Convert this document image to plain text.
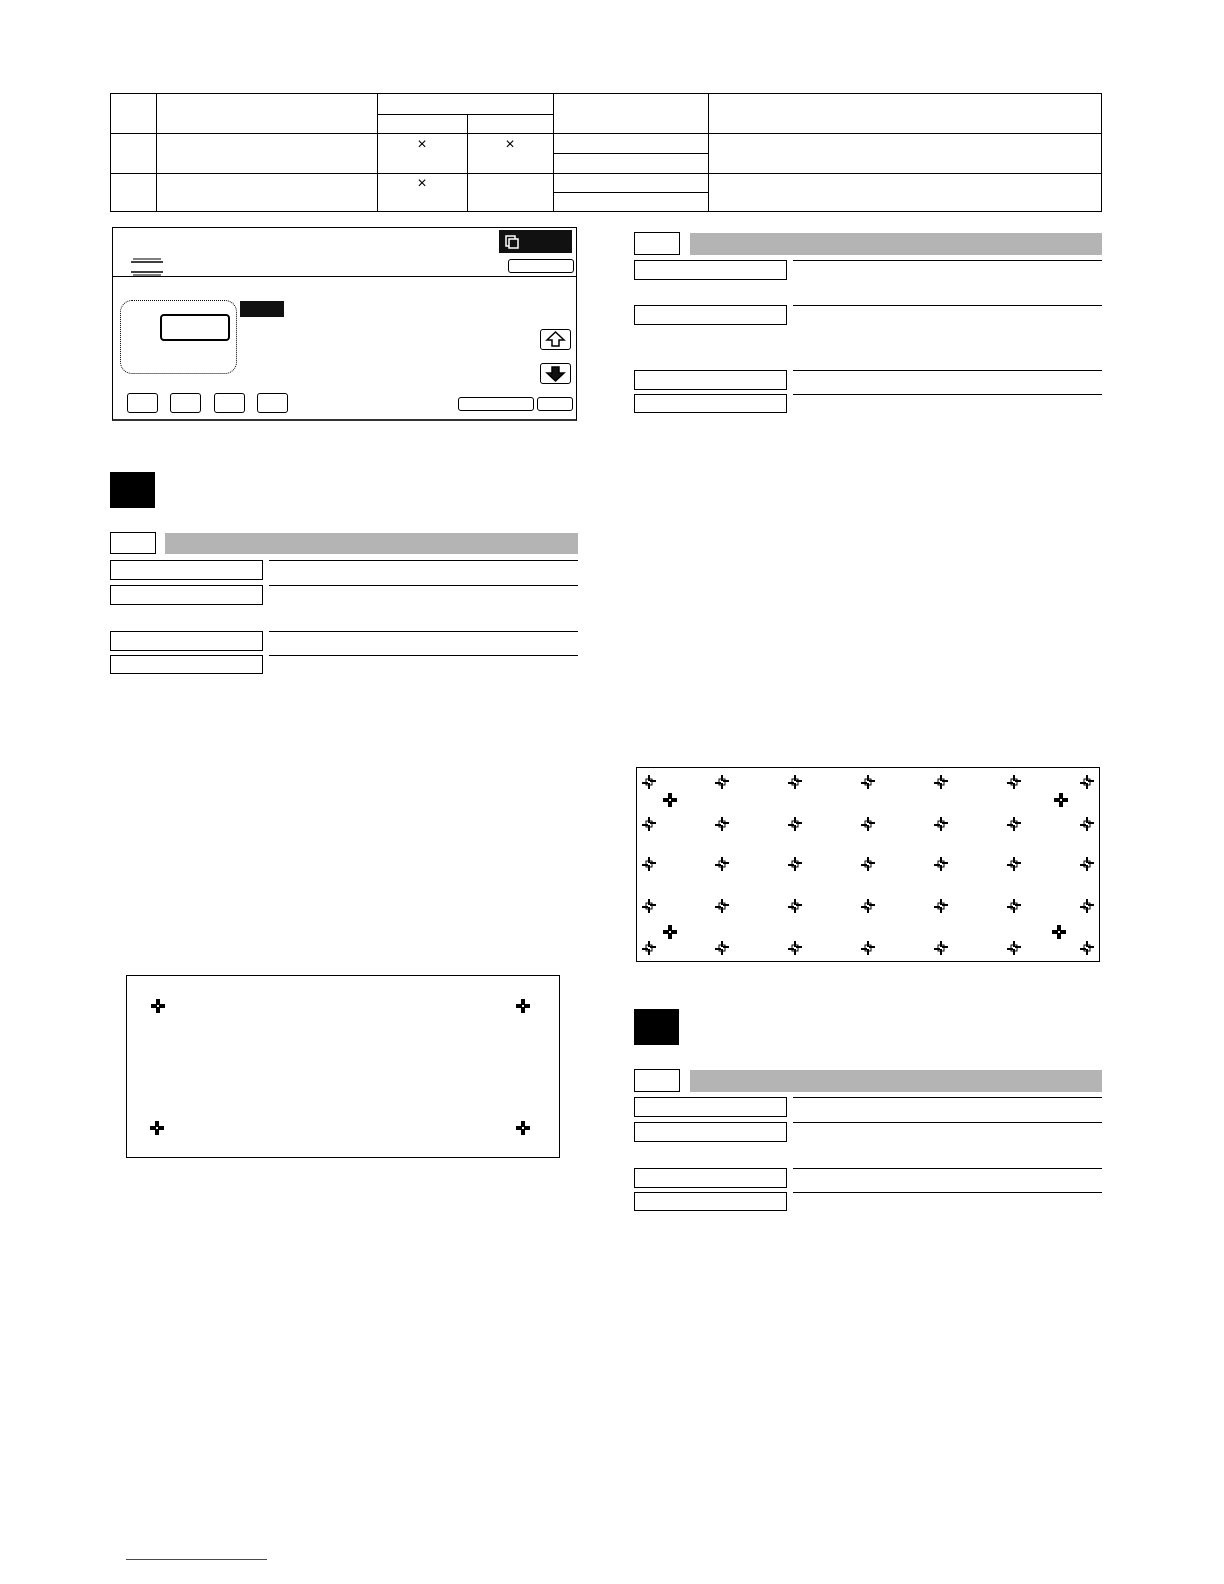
×	×
×
